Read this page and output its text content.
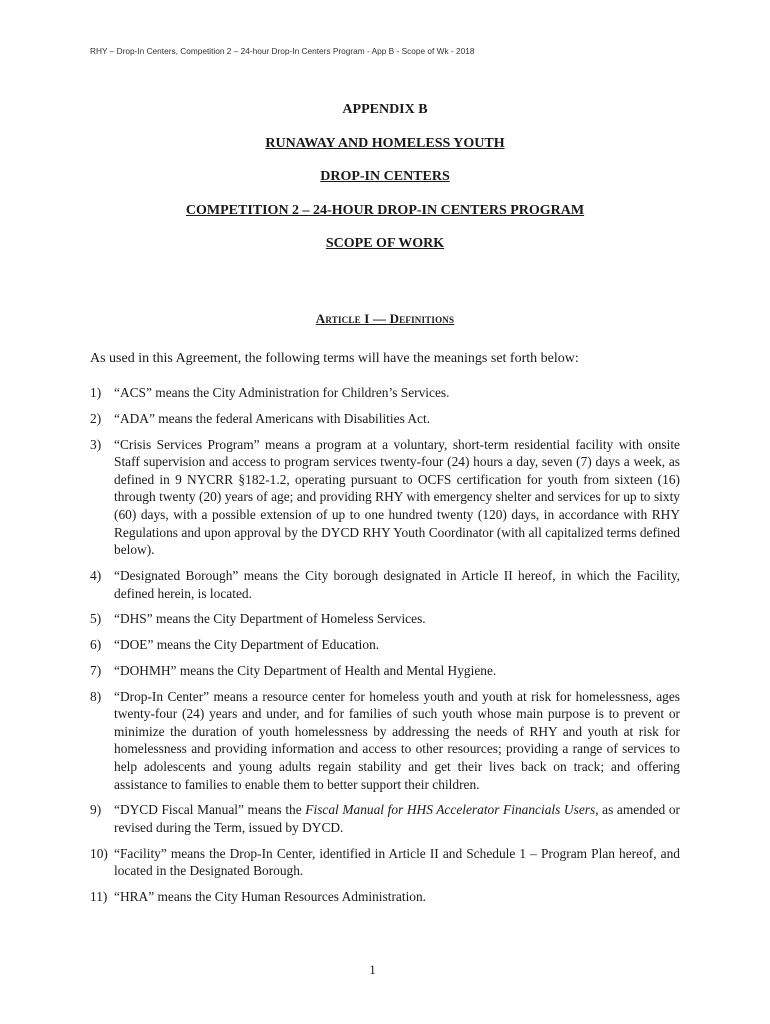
RHY – Drop-In Centers, Competition 2 – 24-hour Drop-In Centers Program - App B - Scope of Wk - 2018
APPENDIX B
RUNAWAY AND HOMELESS YOUTH
DROP-IN CENTERS
COMPETITION 2 – 24-HOUR DROP-IN CENTERS PROGRAM
SCOPE OF WORK
Article I — Definitions
As used in this Agreement, the following terms will have the meanings set forth below:
1) “ACS” means the City Administration for Children’s Services.
2) “ADA” means the federal Americans with Disabilities Act.
3) “Crisis Services Program” means a program at a voluntary, short-term residential facility with onsite Staff supervision and access to program services twenty-four (24) hours a day, seven (7) days a week, as defined in 9 NYCRR §182-1.2, operating pursuant to OCFS certification for youth from sixteen (16) through twenty (20) years of age; and providing RHY with emergency shelter and services for up to sixty (60) days, with a possible extension of up to one hundred twenty (120) days, in accordance with RHY Regulations and upon approval by the DYCD RHY Youth Coordinator (with all capitalized terms defined below).
4) “Designated Borough” means the City borough designated in Article II hereof, in which the Facility, defined herein, is located.
5) “DHS” means the City Department of Homeless Services.
6) “DOE” means the City Department of Education.
7) “DOHMH” means the City Department of Health and Mental Hygiene.
8) “Drop-In Center” means a resource center for homeless youth and youth at risk for homelessness, ages twenty-four (24) years and under, and for families of such youth whose main purpose is to prevent or minimize the duration of youth homelessness by addressing the needs of RHY and youth at risk for homelessness and providing information and access to other resources; providing a range of services to help adolescents and young adults regain stability and get their lives back on track; and offering assistance to families to enable them to better support their children.
9) “DYCD Fiscal Manual” means the Fiscal Manual for HHS Accelerator Financials Users, as amended or revised during the Term, issued by DYCD.
10) “Facility” means the Drop-In Center, identified in Article II and Schedule 1 – Program Plan hereof, and located in the Designated Borough.
11) “HRA” means the City Human Resources Administration.
1
